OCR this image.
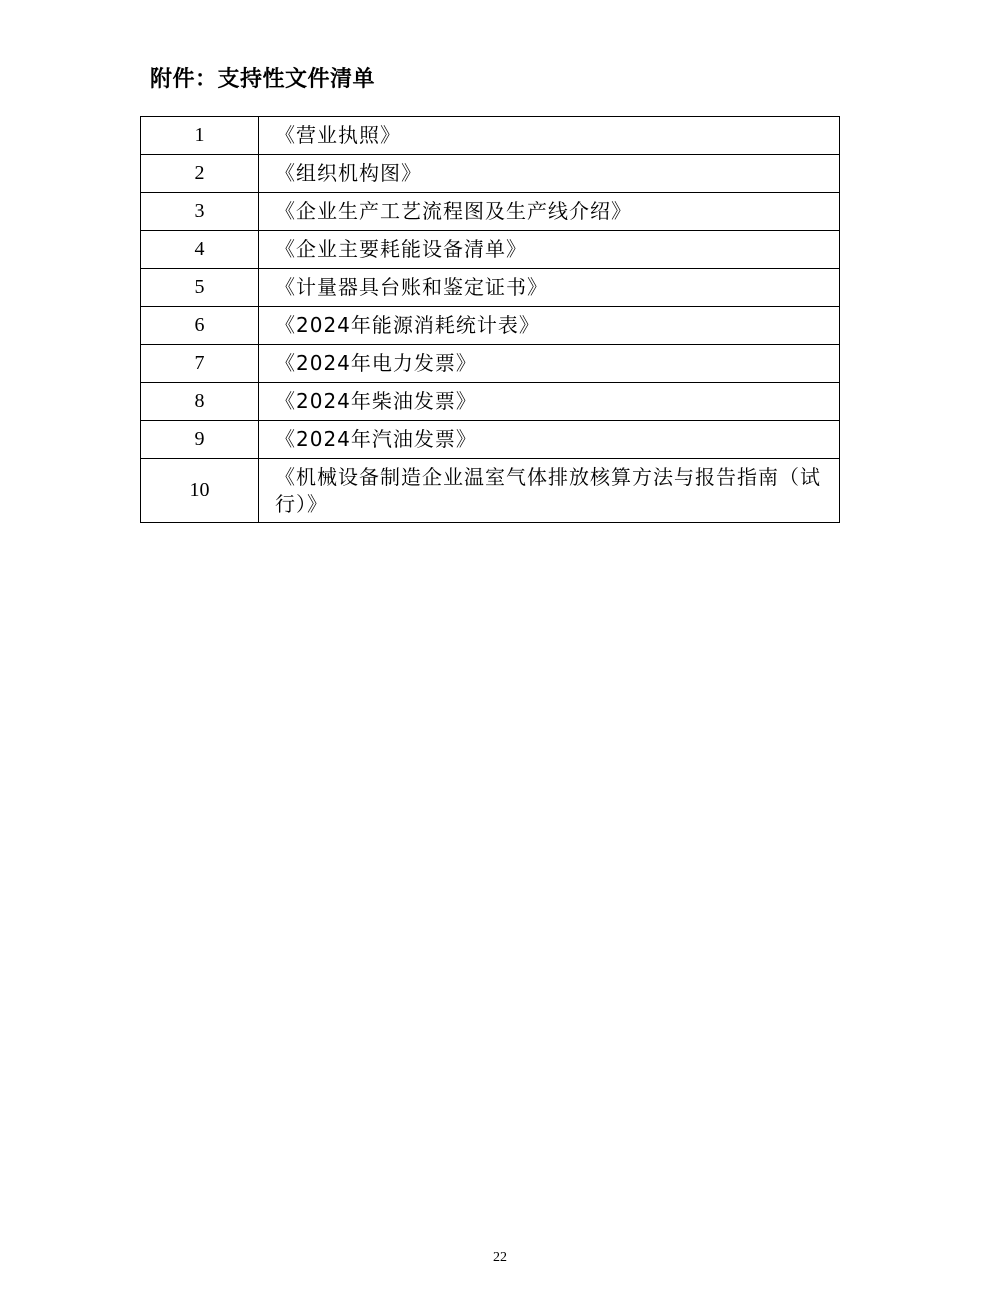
附件：支持性文件清单
1	《营业执照》
2	《组织机构图》
3	《企业生产工艺流程图及生产线介绍》
4	《企业主要耗能设备清单》
5	《计量器具台账和鉴定证书》
6	《2024年能源消耗统计表》
7	《2024年电力发票》
8	《2024年柴油发票》
9	《2024年汽油发票》
10	《机械设备制造企业温室气体排放核算方法与报告指南（试行）》
22
